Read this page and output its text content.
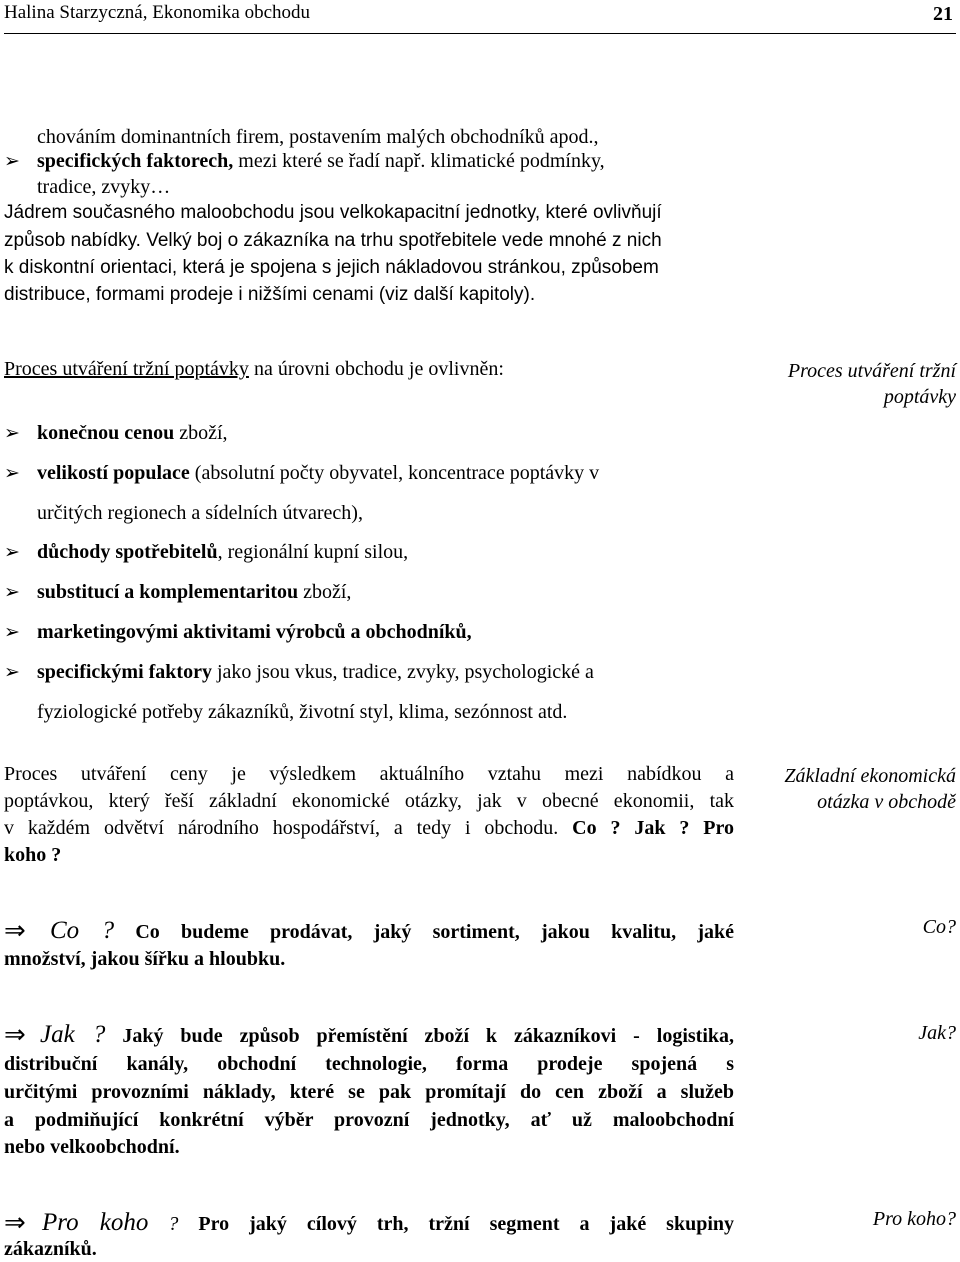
Halina Starzyczná, Ekonomika obchodu	21
chováním dominantních firem, postavením malých obchodníků apod.,
➢ specifických faktorech, mezi které se řadí např. klimatické podmínky,
tradice, zvyky…
Jádrem současného maloobchodu jsou velkokapacitní jednotky, které ovlivňují
způsob nabídky. Velký boj o zákazníka na trhu spotřebitele vede mnohé z nich
k diskontní orientaci, která je spojena s jejich nákladovou stránkou, způsobem
distribuce, formami prodeje i nižšími cenami (viz další kapitoly).
Proces utváření tržní poptávky na úrovni obchodu je ovlivněn:	Proces utváření tržní
poptávky
➢ konečnou cenou zboží,
➢ velikostí populace (absolutní počty obyvatel, koncentrace poptávky v
určitých regionech a sídelních útvarech),
➢ důchody spotřebitelů, regionální kupní silou,
➢ substitucí a komplementaritou zboží,
➢ marketingovými aktivitami výrobců a obchodníků,
➢ specifickými faktory jako jsou vkus, tradice, zvyky, psychologické a
fyziologické potřeby zákazníků, životní styl, klima, sezónnost atd.
Proces utváření ceny je výsledkem aktuálního vztahu mezi nabídkou a
poptávkou, který řeší základní ekonomické otázky, jak v obecné ekonomii, tak
v každém odvětví národního hospodářství, a tedy i obchodu. Co ? Jak ? Pro
koho ?
Základní ekonomická
otázka v obchodě
⇒ Co ? Co budeme prodávat, jaký sortiment, jakou kvalitu, jaké
množství, jakou šířku a hloubku.
Co?
⇒ Jak ? Jaký bude způsob přemístění zboží k zákazníkovi - logistika,
distribuční kanály, obchodní technologie, forma prodeje spojená s
určitými provozními náklady, které se pak promítají do cen zboží a služeb
a podmiňující konkrétní výběr provozní jednotky, ať už maloobchodní
nebo velkoobchodní.
Jak?
⇒ Pro koho ? Pro jaký cílový trh, tržní segment a jaké skupiny
zákazníků.
Pro koho?
